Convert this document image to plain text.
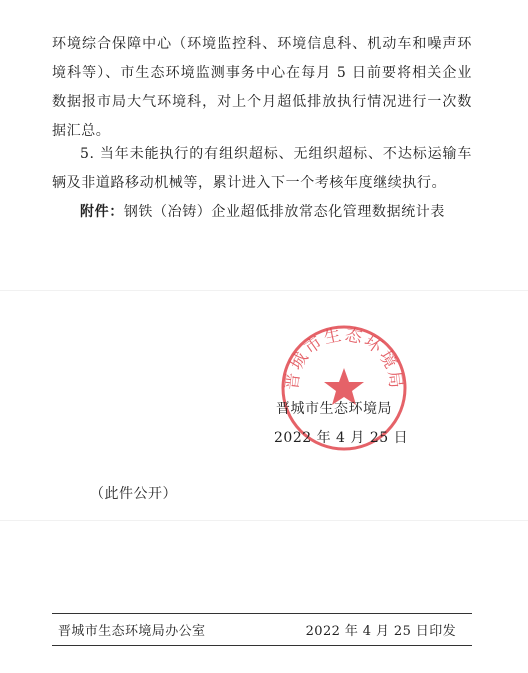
环境综合保障中心（环境监控科、环境信息科、机动车和噪声环境科等）、市生态环境监测事务中心在每月 5 日前要将相关企业数据报市局大气环境科，对上个月超低排放执行情况进行一次数据汇总。

5. 当年未能执行的有组织超标、无组织超标、不达标运输车辆及非道路移动机械等，累计进入下一个考核年度继续执行。

附件：钢铁（冶铸）企业超低排放常态化管理数据统计表

晋城市生态环境局
晋城市生态环境局
2022 年 4 月 25 日
（此件公开）
晋城市生态环境局办公室	2022 年 4 月 25 日印发
